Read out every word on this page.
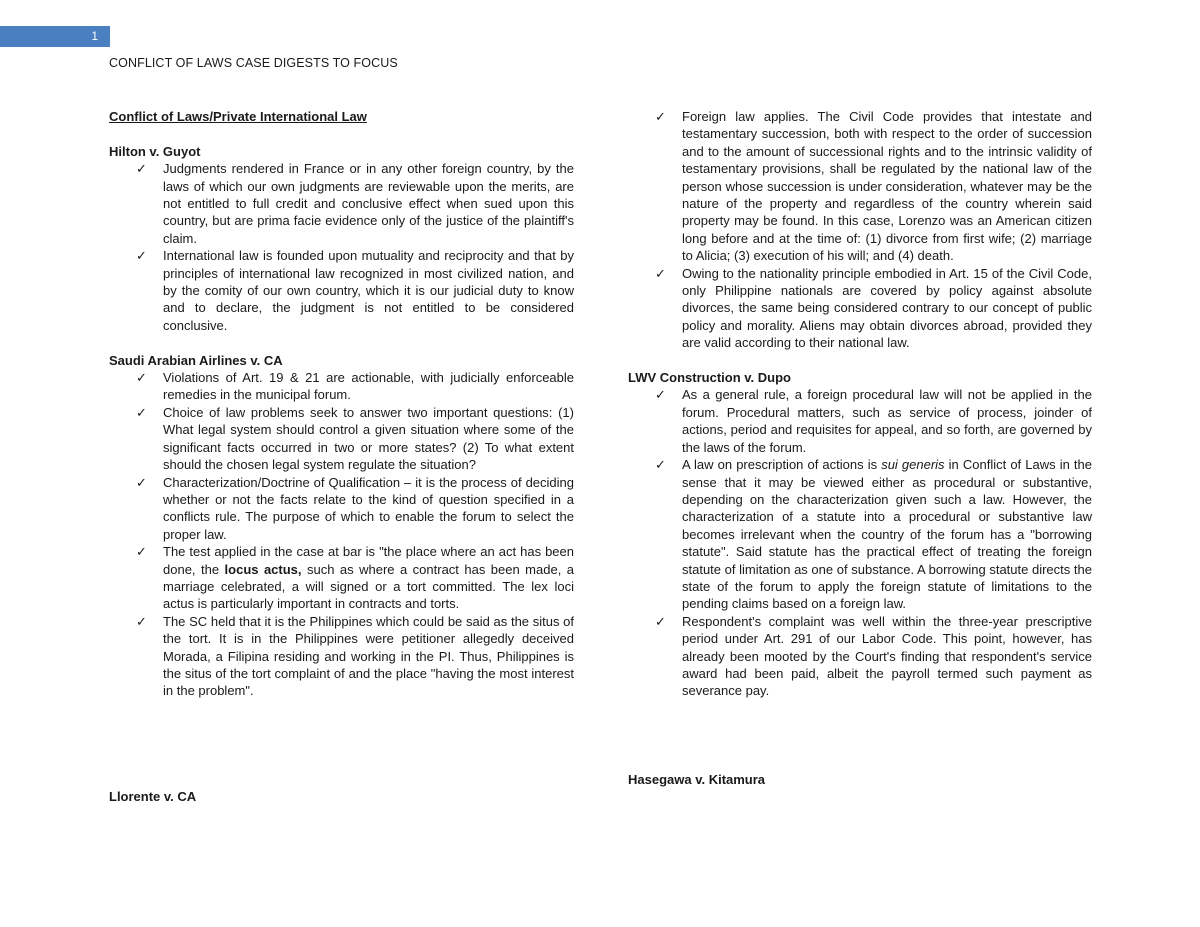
1
CONFLICT OF LAWS CASE DIGESTS TO FOCUS

Conflict of Laws/Private International Law

Hilton v. Guyot

✓ Judgments rendered in France or in any other foreign country, by the laws of which our own judgments are reviewable upon the merits, are not entitled to full credit and conclusive effect when sued upon this country, but are prima facie evidence only of the justice of the plaintiff's claim.
✓ International law is founded upon mutuality and reciprocity and that by principles of international law recognized in most civilized nation, and by the comity of our own country, which it is our judicial duty to know and to declare, the judgment is not entitled to be considered conclusive.

Saudi Arabian Airlines v. CA

✓ Violations of Art. 19 & 21 are actionable, with judicially enforceable remedies in the municipal forum.
✓ Choice of law problems seek to answer two important questions: (1) What legal system should control a given situation where some of the significant facts occurred in two or more states? (2) To what extent should the chosen legal system regulate the situation?
✓ Characterization/Doctrine of Qualification – it is the process of deciding whether or not the facts relate to the kind of question specified in a conflicts rule. The purpose of which to enable the forum to select the proper law.
✓ The test applied in the case at bar is "the place where an act has been done, the locus actus, such as where a contract has been made, a marriage celebrated, a will signed or a tort committed. The lex loci actus is particularly important in contracts and torts.
✓ The SC held that it is the Philippines which could be said as the situs of the tort. It is in the Philippines were petitioner allegedly deceived Morada, a Filipina residing and working in the PI. Thus, Philippines is the situs of the tort complaint of and the place "having the most interest in the problem".
Llorente v. CA
✓ Foreign law applies. The Civil Code provides that intestate and testamentary succession, both with respect to the order of succession and to the amount of successional rights and to the intrinsic validity of testamentary provisions, shall be regulated by the national law of the person whose succession is under consideration, whatever may be the nature of the property and regardless of the country wherein said property may be found. In this case, Lorenzo was an American citizen long before and at the time of: (1) divorce from first wife; (2) marriage to Alicia; (3) execution of his will; and (4) death.
✓ Owing to the nationality principle embodied in Art. 15 of the Civil Code, only Philippine nationals are covered by policy against absolute divorces, the same being considered contrary to our concept of public policy and morality. Aliens may obtain divorces abroad, provided they are valid according to their national law.

LWV Construction v. Dupo

✓ As a general rule, a foreign procedural law will not be applied in the forum. Procedural matters, such as service of process, joinder of actions, period and requisites for appeal, and so forth, are governed by the laws of the forum.
✓ A law on prescription of actions is sui generis in Conflict of Laws in the sense that it may be viewed either as procedural or substantive, depending on the characterization given such a law. However, the characterization of a statute into a procedural or substantive law becomes irrelevant when the country of the forum has a "borrowing statute". Said statute has the practical effect of treating the foreign statute of limitation as one of substance. A borrowing statute directs the state of the forum to apply the foreign statute of limitations to the pending claims based on a foreign law.
✓ Respondent's complaint was well within the three-year prescriptive period under Art. 291 of our Labor Code. This point, however, has already been mooted by the Court's finding that respondent's service award had been paid, albeit the payroll termed such payment as severance pay.
Hasegawa v. Kitamura
